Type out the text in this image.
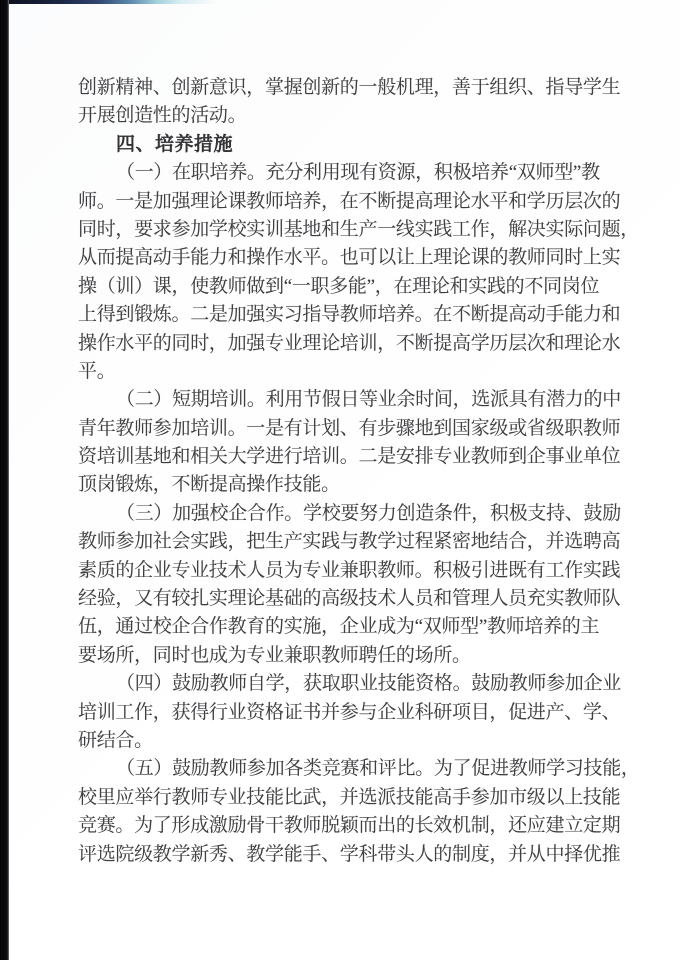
创新精神、创新意识，掌握创新的一般机理，善于组织、指导学生
开展创造性的活动。
四、培养措施
（一）在职培养。充分利用现有资源，积极培养“双师型”教
师。一是加强理论课教师培养，在不断提高理论水平和学历层次的
同时，要求参加学校实训基地和生产一线实践工作，解决实际问题，
从而提高动手能力和操作水平。也可以让上理论课的教师同时上实
操（训）课，使教师做到“一职多能”，在理论和实践的不同岗位
上得到锻炼。二是加强实习指导教师培养。在不断提高动手能力和
操作水平的同时，加强专业理论培训，不断提高学历层次和理论水
平。
（二）短期培训。利用节假日等业余时间，选派具有潜力的中
青年教师参加培训。一是有计划、有步骤地到国家级或省级职教师
资培训基地和相关大学进行培训。二是安排专业教师到企事业单位
顶岗锻炼，不断提高操作技能。
（三）加强校企合作。学校要努力创造条件，积极支持、鼓励
教师参加社会实践，把生产实践与教学过程紧密地结合，并选聘高
素质的企业专业技术人员为专业兼职教师。积极引进既有工作实践
经验，又有较扎实理论基础的高级技术人员和管理人员充实教师队
伍，通过校企合作教育的实施，企业成为“双师型”教师培养的主
要场所，同时也成为专业兼职教师聘任的场所。
（四）鼓励教师自学，获取职业技能资格。鼓励教师参加企业
培训工作，获得行业资格证书并参与企业科研项目，促进产、学、
研结合。
（五）鼓励教师参加各类竞赛和评比。为了促进教师学习技能，
校里应举行教师专业技能比武，并选派技能高手参加市级以上技能
竞赛。为了形成激励骨干教师脱颖而出的长效机制，还应建立定期
评选院级教学新秀、教学能手、学科带头人的制度，并从中择优推
